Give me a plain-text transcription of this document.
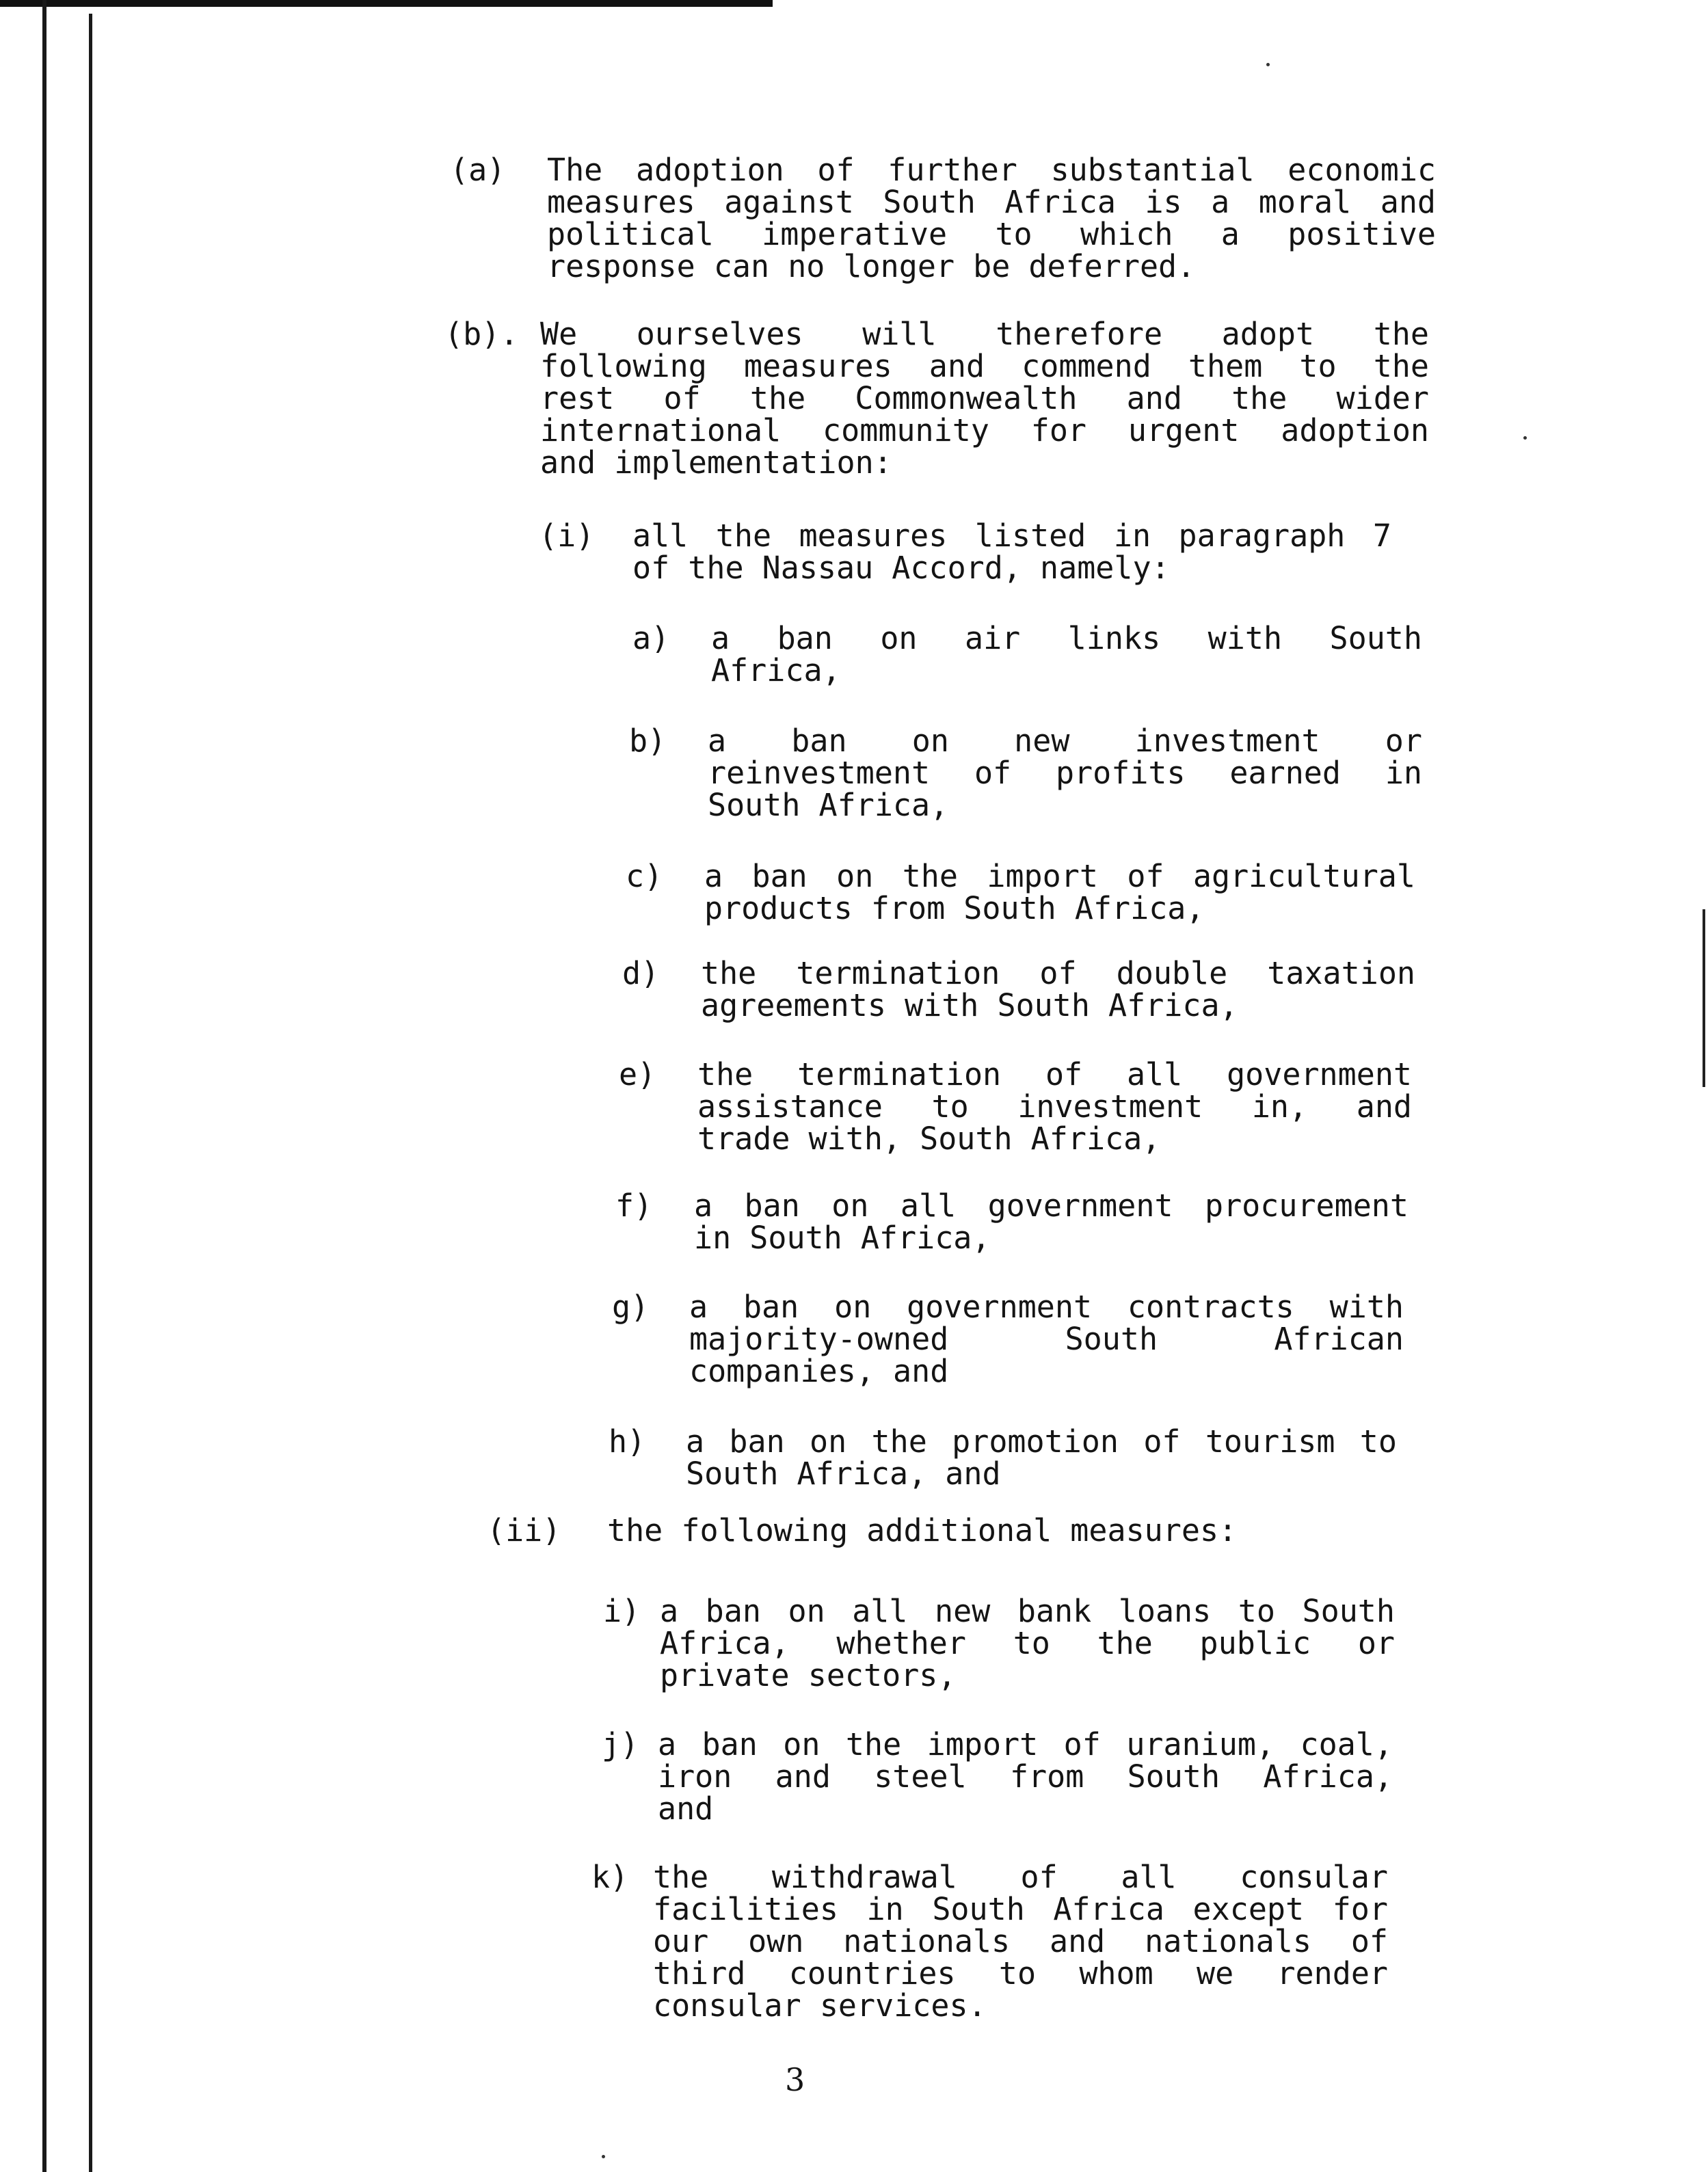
(a) The adoption of further substantial economic
measures against South Africa is a moral and
political imperative to which a positive
response can no longer be deferred.
(b). We ourselves will therefore adopt the
following measures and commend them to the
rest of the Commonwealth and the wider
international community for urgent adoption
and implementation:
(i) all the measures listed in paragraph 7
of the Nassau Accord, namely:
a) a ban on air links with South
Africa,
b) a ban on new investment or
reinvestment of profits earned in
South Africa,
c) a ban on the import of agricultural
products from South Africa,
d) the termination of double taxation
agreements with South Africa,
e) the termination of all government
assistance to investment in, and
trade with, South Africa,
f) a ban on all government procurement
in South Africa,
g) a ban on government contracts with
majority-owned South African
companies, and
h) a ban on the promotion of tourism to
South Africa, and
(ii) the following additional measures:
i) a ban on all new bank loans to South
Africa, whether to the public or
private sectors,
j) a ban on the import of uranium, coal,
iron and steel from South Africa,
and
k) the withdrawal of all consular
facilities in South Africa except for
our own nationals and nationals of
third countries to whom we render
consular services.
3
